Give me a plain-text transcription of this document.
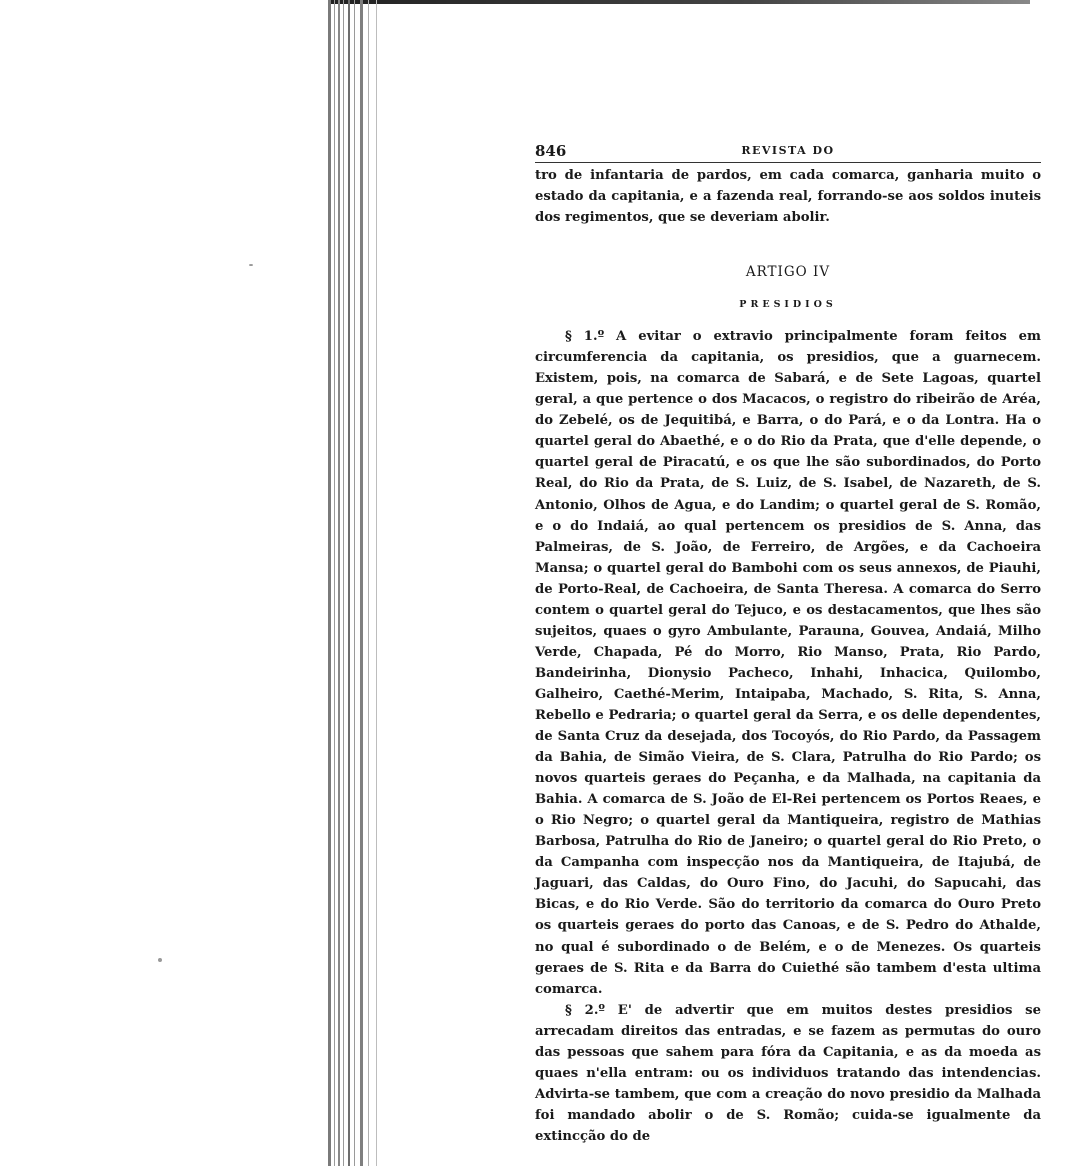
846	REVISTA DO

tro de infantaria de pardos, em cada comarca, ganharia muito o estado da capitania, e a fazenda real, forrando-se aos soldos inuteis dos regimentos, que se deveriam abolir.

ARTIGO IV
PRESIDIOS

§ 1.º A evitar o extravio principalmente foram feitos em circumferencia da capitania, os presidios, que a guarnecem. Existem, pois, na comarca de Sabará, e de Sete Lagoas, quartel geral, a que pertence o dos Macacos, o registro do ribeirão de Aréa, do Zebelé, os de Jequitibá, e Barra, o do Pará, e o da Lontra. Ha o quartel geral do Abaethé, e o do Rio da Prata, que d'elle depende, o quartel geral de Piracatú, e os que lhe são subordinados, do Porto Real, do Rio da Prata, de S. Luiz, de S. Isabel, de Nazareth, de S. Antonio, Olhos de Agua, e do Landim; o quartel geral de S. Romão, e o do Indaiá, ao qual pertencem os presidios de S. Anna, das Palmeiras, de S. João, de Ferreiro, de Argões, e da Cachoeira Mansa; o quartel geral do Bambohi com os seus annexos, de Piauhi, de Porto-Real, de Cachoeira, de Santa Theresa. A comarca do Serro contem o quartel geral do Tejuco, e os destacamentos, que lhes são sujeitos, quaes o gyro Ambulante, Parauna, Gouvea, Andaiá, Milho Verde, Chapada, Pé do Morro, Rio Manso, Prata, Rio Pardo, Bandeirinha, Dionysio Pacheco, Inhahi, Inhacica, Quilombo, Galheiro, Caethé-Merim, Intaipaba, Machado, S. Rita, S. Anna, Rebello e Pedraria; o quartel geral da Serra, e os delle dependentes, de Santa Cruz da desejada, dos Tocoyós, do Rio Pardo, da Passagem da Bahia, de Simão Vieira, de S. Clara, Patrulha do Rio Pardo; os novos quarteis geraes do Peçanha, e da Malhada, na capitania da Bahia. A comarca de S. João de El-Rei pertencem os Portos Reaes, e o Rio Negro; o quartel geral da Mantiqueira, registro de Mathias Barbosa, Patrulha do Rio de Janeiro; o quartel geral do Rio Preto, o da Campanha com inspecção nos da Mantiqueira, de Itajubá, de Jaguari, das Caldas, do Ouro Fino, do Jacuhi, do Sapucahi, das Bicas, e do Rio Verde. São do territorio da comarca do Ouro Preto os quarteis geraes do porto das Canoas, e de S. Pedro do Athalde, no qual é subordinado o de Belém, e o de Menezes. Os quarteis geraes de S. Rita e da Barra do Cuiethé são tambem d'esta ultima comarca.

§ 2.º E' de advertir que em muitos destes presidios se arrecadam direitos das entradas, e se fazem as permutas do ouro das pessoas que sahem para fóra da Capitania, e as da moeda as quaes n'ella entram: ou os individuos tratando das intendencias. Advirta-se tambem, que com a creação do novo presidio da Malhada foi mandado abolir o de S. Romão; cuida-se igualmente da extincção do de
